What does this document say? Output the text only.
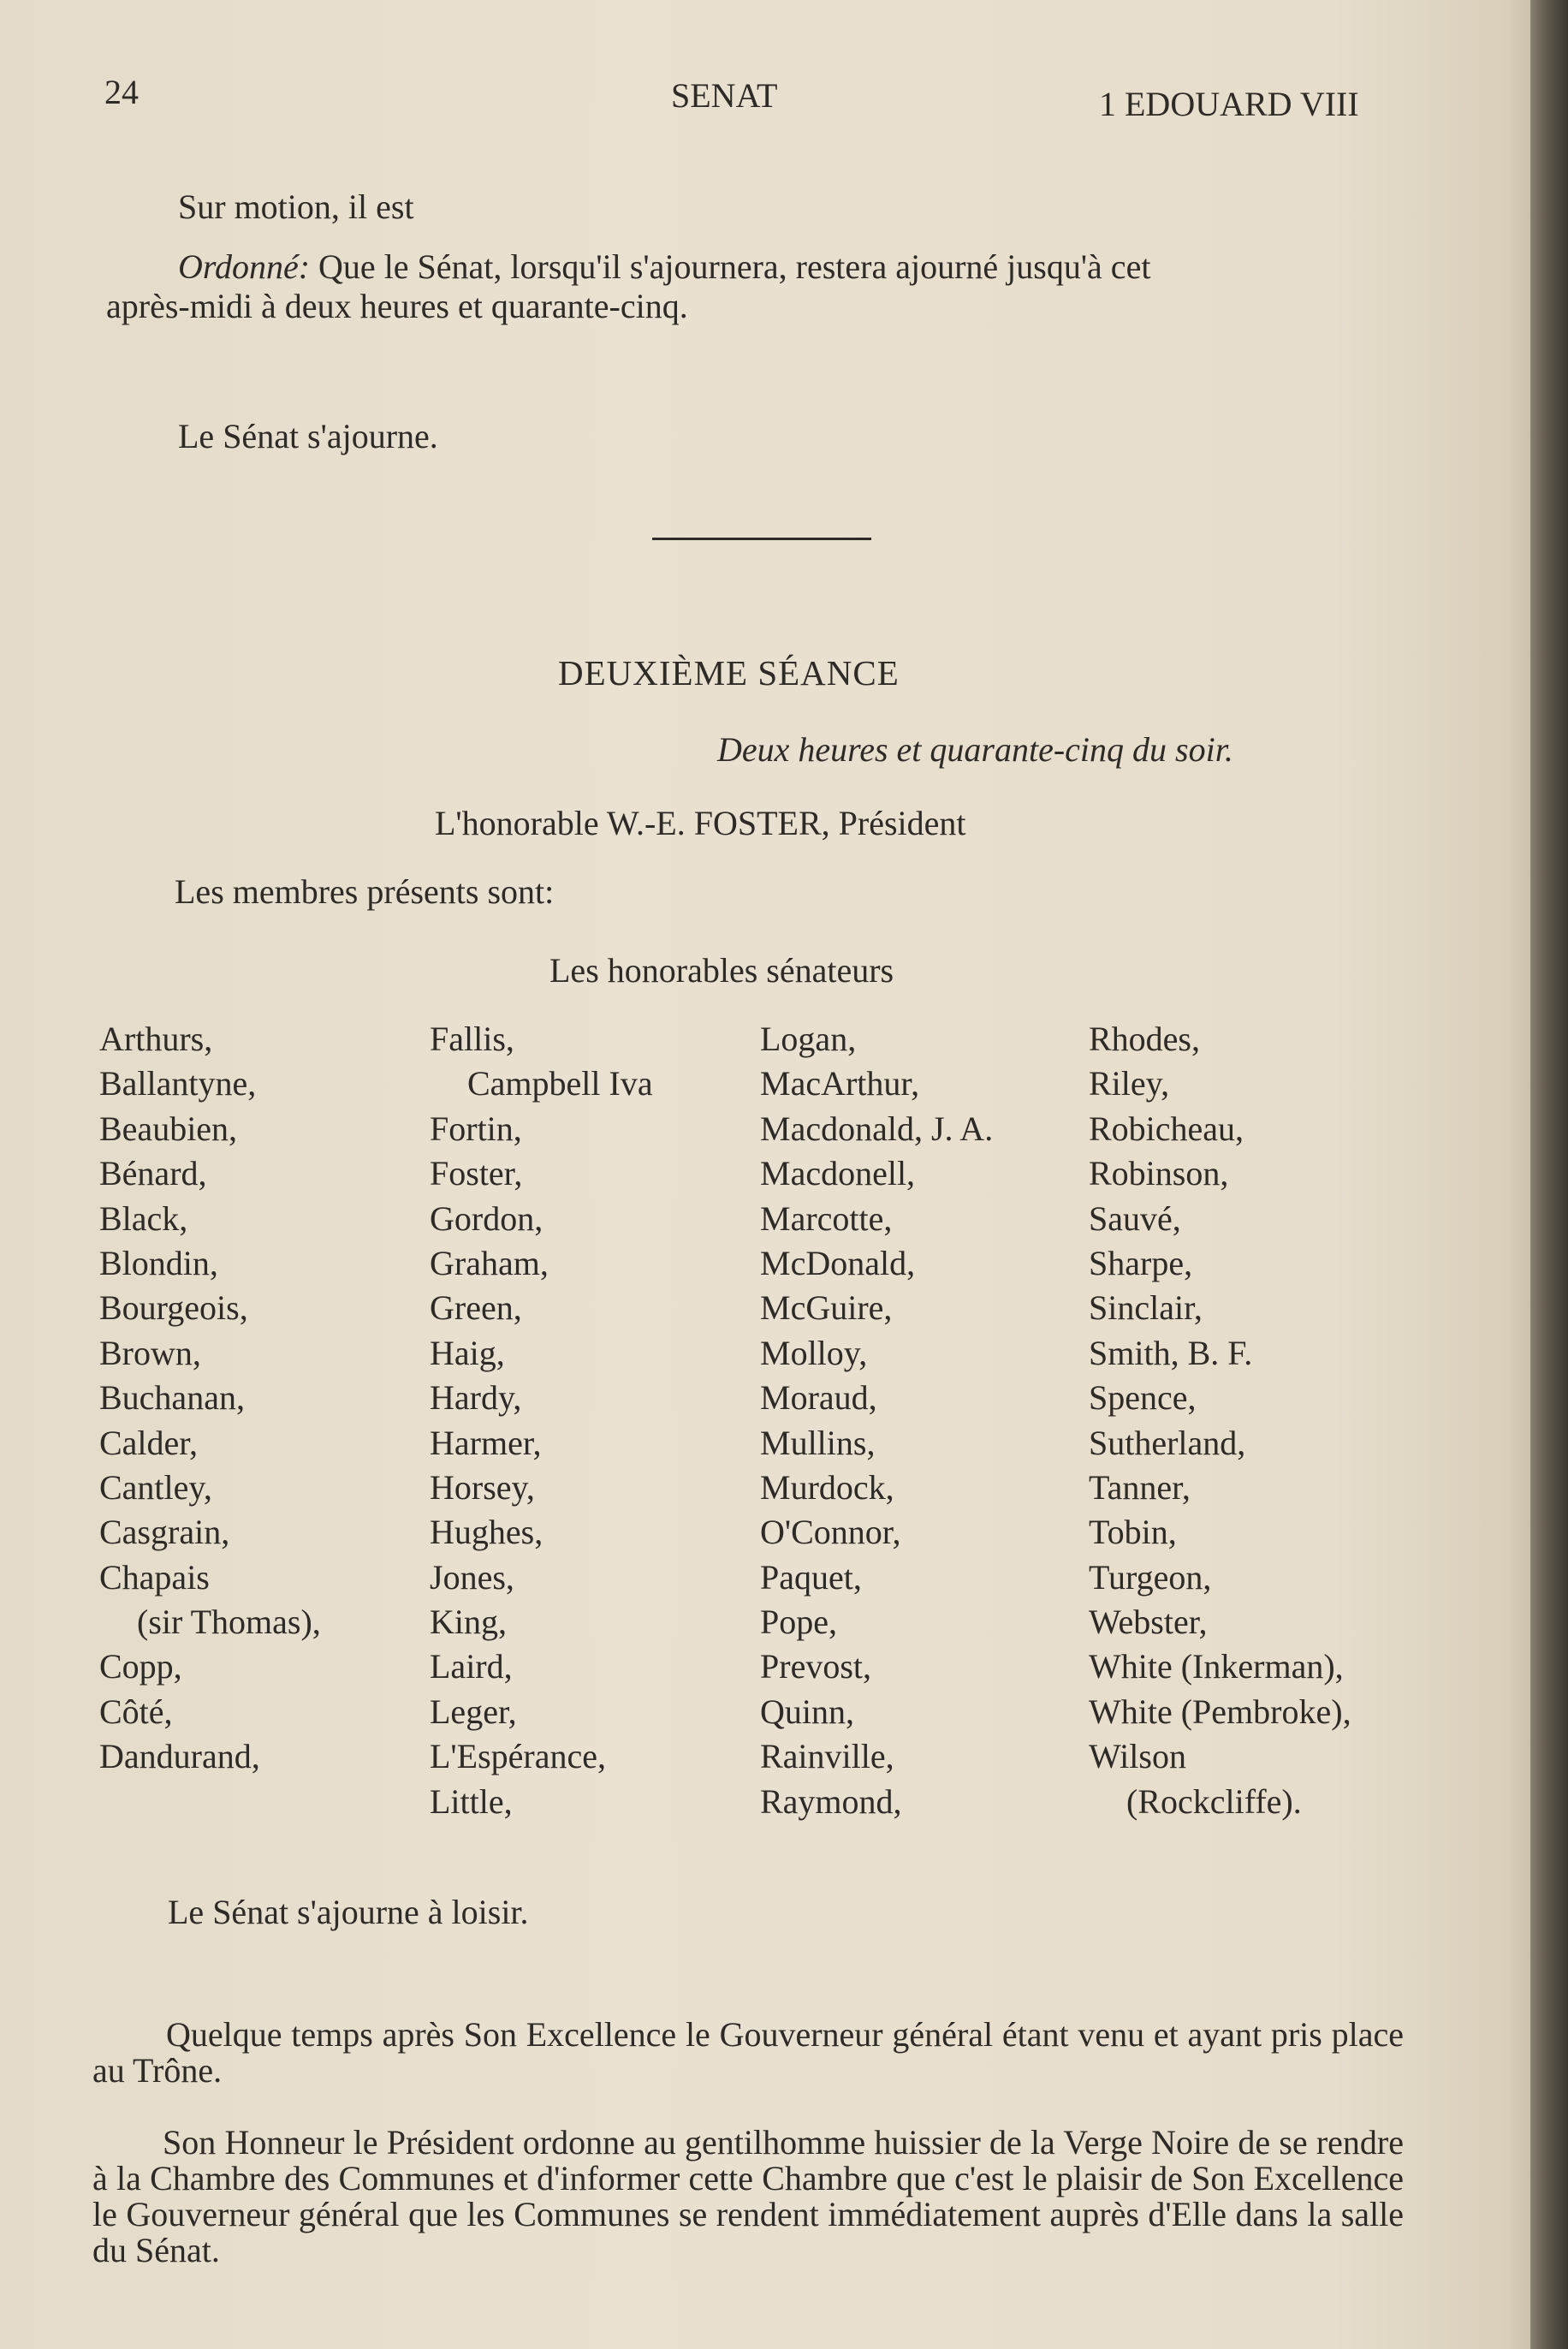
24	SENAT	1 EDOUARD VIII
Sur motion, il est
Ordonné: Que le Sénat, lorsqu'il s'ajournera, restera ajourné jusqu'à cet
après-midi à deux heures et quarante-cinq.
Le Sénat s'ajourne.
DEUXIÈME SÉANCE
Deux heures et quarante-cinq du soir.
L'honorable W.-E. FOSTER, Président
Les membres présents sont:
Les honorables sénateurs
Arthurs,
Ballantyne,
Beaubien,
Bénard,
Black,
Blondin,
Bourgeois,
Brown,
Buchanan,
Calder,
Cantley,
Casgrain,
Chapais
(sir Thomas),
Copp,
Côté,
Dandurand,
Fallis,
Campbell Iva
Fortin,
Foster,
Gordon,
Graham,
Green,
Haig,
Hardy,
Harmer,
Horsey,
Hughes,
Jones,
King,
Laird,
Leger,
L'Espérance,
Little,
Logan,
MacArthur,
Macdonald, J. A.
Macdonell,
Marcotte,
McDonald,
McGuire,
Molloy,
Moraud,
Mullins,
Murdock,
O'Connor,
Paquet,
Pope,
Prevost,
Quinn,
Rainville,
Raymond,
Rhodes,
Riley,
Robicheau,
Robinson,
Sauvé,
Sharpe,
Sinclair,
Smith, B. F.
Spence,
Sutherland,
Tanner,
Tobin,
Turgeon,
Webster,
White (Inkerman),
White (Pembroke),
Wilson
(Rockcliffe).
Le Sénat s'ajourne à loisir.
Quelque temps après Son Excellence le Gouverneur général étant venu et ayant pris place au Trône.
Son Honneur le Président ordonne au gentilhomme huissier de la Verge Noire de se rendre à la Chambre des Communes et d'informer cette Chambre que c'est le plaisir de Son Excellence le Gouverneur général que les Communes se rendent immédiatement auprès d'Elle dans la salle du Sénat.
